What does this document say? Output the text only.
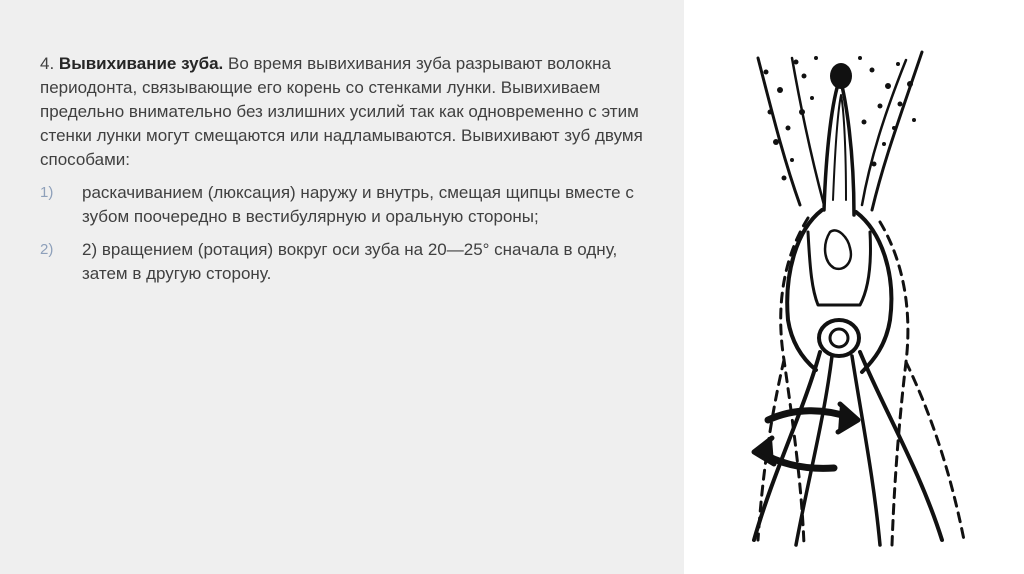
4. Вывихивание зуба. Во время вывихивания зуба разрывают волокна периодонта, связывающие его корень со стенками лунки. Вывихиваем предельно внимательно без излишних усилий так как одновременно с этим стенки лунки могут смещаются или надламываются. Вывихивают зуб двумя способами:

1)	раскачиванием (люксация) наружу и внутрь, смещая щипцы вместе с зубом поочередно в вестибулярную и оральную стороны;
2)	2) вращением (ротация) вокруг оси зуба на 20—25° сначала в одну, затем в другую сторону.
